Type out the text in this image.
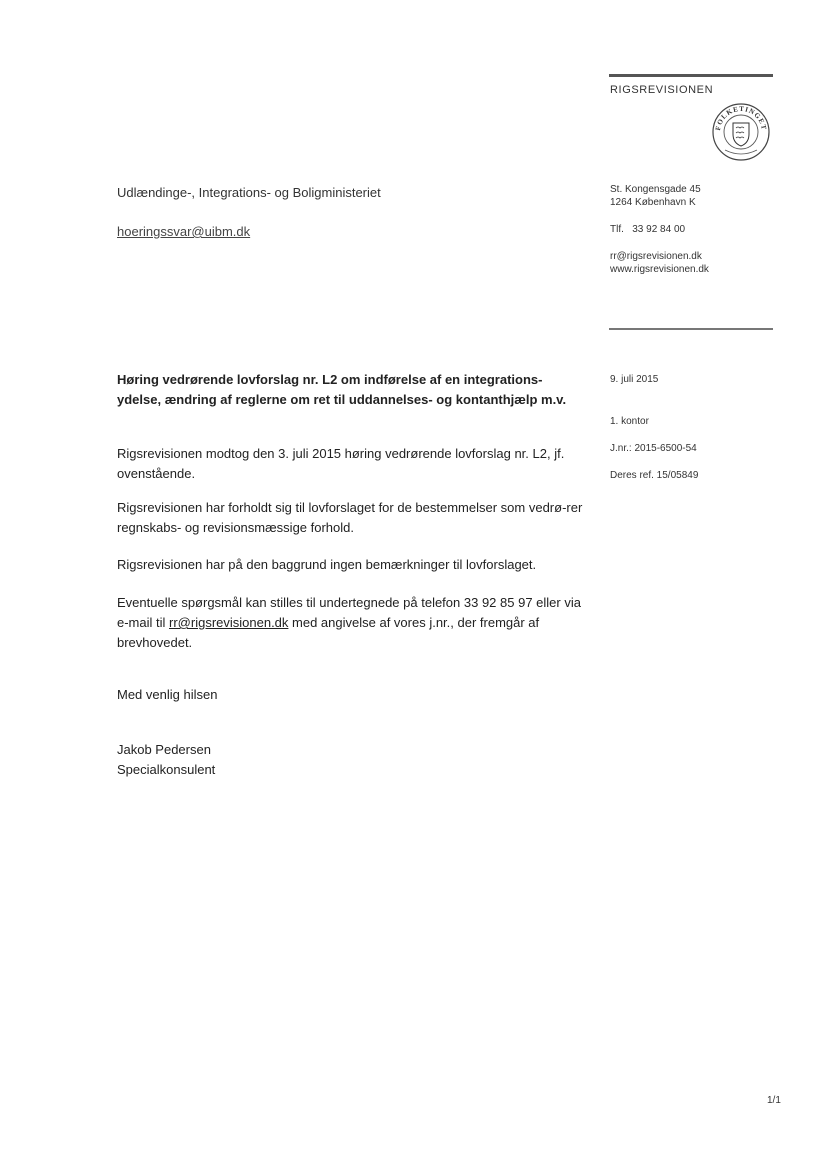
RIGSREVISIONEN
FOLKETINGET
St. Kongensgade 45
1264 København K
Tlf. 33 92 84 00
rr@rigsrevisionen.dk
www.rigsrevisionen.dk
9. juli 2015
1. kontor
J.nr.: 2015-6500-54
Deres ref. 15/05849
Udlændinge-, Integrations- og Boligministeriet
hoeringssvar@uibm.dk
Høring vedrørende lovforslag nr. L2 om indførelse af en integrations-ydelse, ændring af reglerne om ret til uddannelses- og kontanthjælp m.v.
Rigsrevisionen modtog den 3. juli 2015 høring vedrørende lovforslag nr. L2, jf. ovenstående.
Rigsrevisionen har forholdt sig til lovforslaget for de bestemmelser som vedrø-rer regnskabs- og revisionsmæssige forhold.
Rigsrevisionen har på den baggrund ingen bemærkninger til lovforslaget.
Eventuelle spørgsmål kan stilles til undertegnede på telefon 33 92 85 97 eller via e-mail til rr@rigsrevisionen.dk med angivelse af vores j.nr., der fremgår af brevhovedet.
Med venlig hilsen
Jakob Pedersen
Specialkonsulent
1/1
